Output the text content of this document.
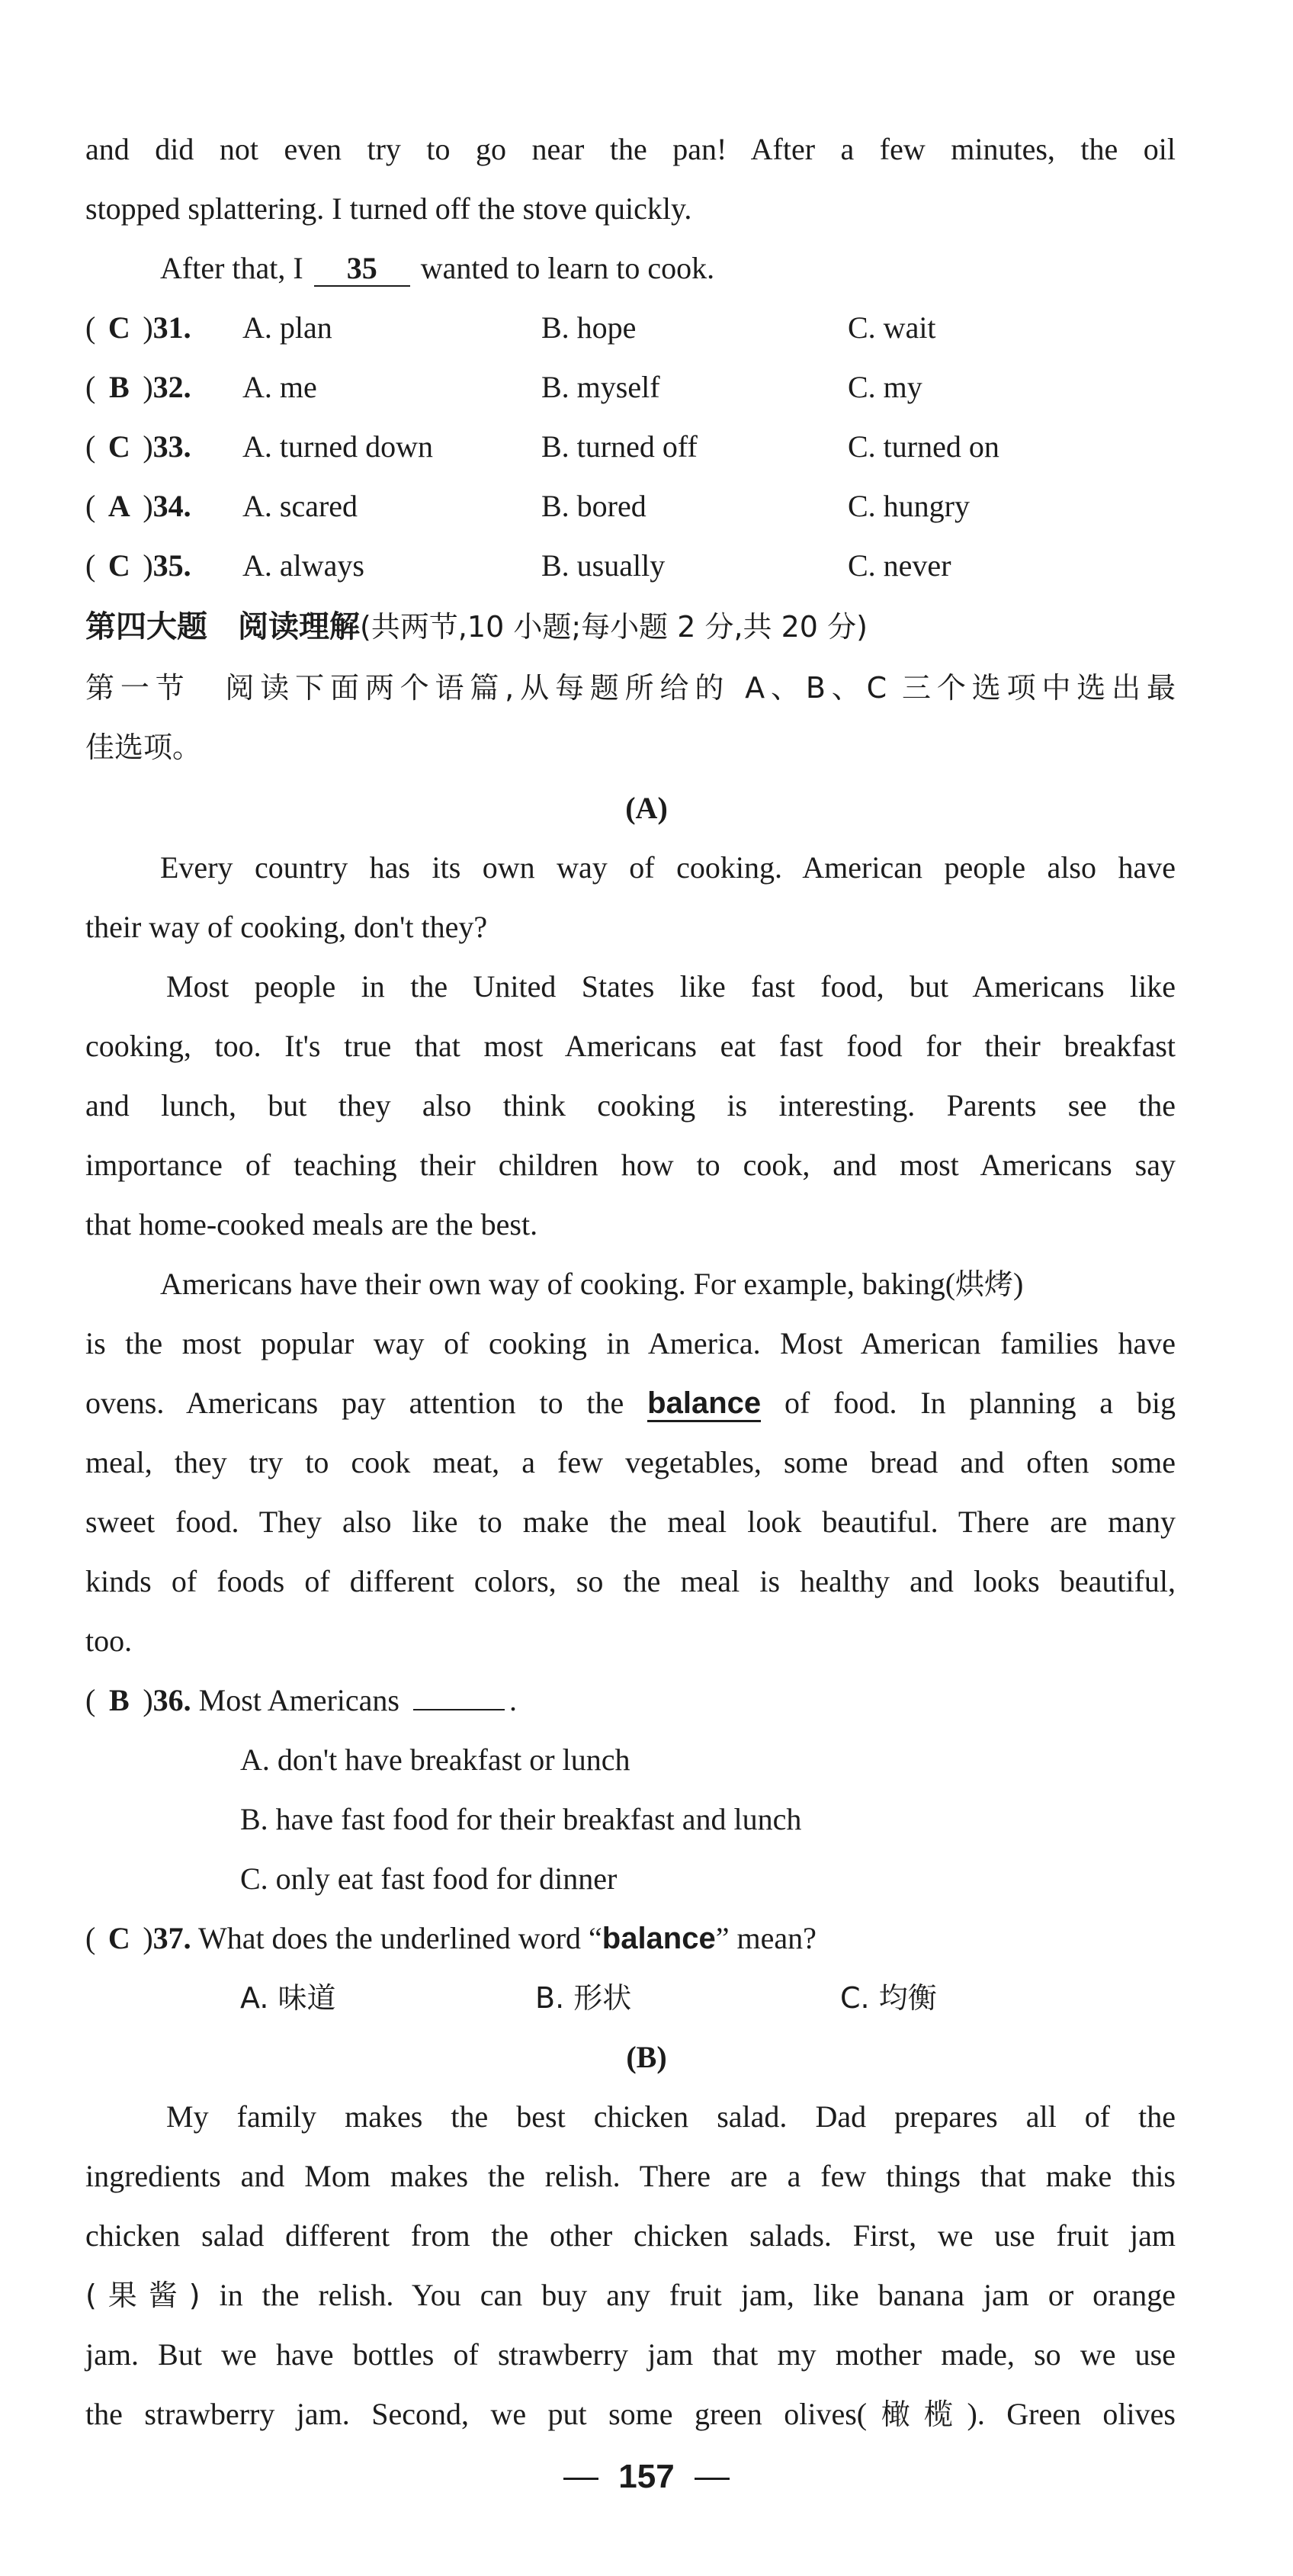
and did not even try to go near the pan! After a few minutes, the oil
stopped splattering. I turned off the stove quickly.
After that, I 35 wanted to learn to cook.
( C )31. A. plan	B. hope	C. wait
( B )32. A. me	B. myself	C. my
( C )33. A. turned down	B. turned off	C. turned on
( A )34. A. scared	B. bored	C. hungry
( C )35. A. always	B. usually	C. never
第四大题　阅读理解(共两节,10 小题;每小题 2 分,共 20 分)
第一节　阅读下面两个语篇,从每题所给的 A、B、C 三个选项中选出最
佳选项。
(A)
Every country has its own way of cooking. American people also have
their way of cooking, don't they?
Most people in the United States like fast food, but Americans like
cooking, too. It's true that most Americans eat fast food for their breakfast
and lunch, but they also think cooking is interesting. Parents see the
importance of teaching their children how to cook, and most Americans say
that home-cooked meals are the best.
Americans have their own way of cooking. For example, baking(烘烤)
is the most popular way of cooking in America. Most American families have
ovens. Americans pay attention to the balance of food. In planning a big
meal, they try to cook meat, a few vegetables, some bread and often some
sweet food. They also like to make the meal look beautiful. There are many
kinds of foods of different colors, so the meal is healthy and looks beautiful,
too.
( B )36. Most Americans	.
A. don't have breakfast or lunch
B. have fast food for their breakfast and lunch
C. only eat fast food for dinner
( C )37. What does the underlined word “balance” mean?
A. 味道	B. 形状	C. 均衡
(B)
My family makes the best chicken salad. Dad prepares all of the
ingredients and Mom makes the relish. There are a few things that make this
chicken salad different from the other chicken salads. First, we use fruit jam
(果酱) in the relish. You can buy any fruit jam, like banana jam or orange
jam. But we have bottles of strawberry jam that my mother made, so we use
the strawberry jam. Second, we put some green olives(橄榄). Green olives
157
